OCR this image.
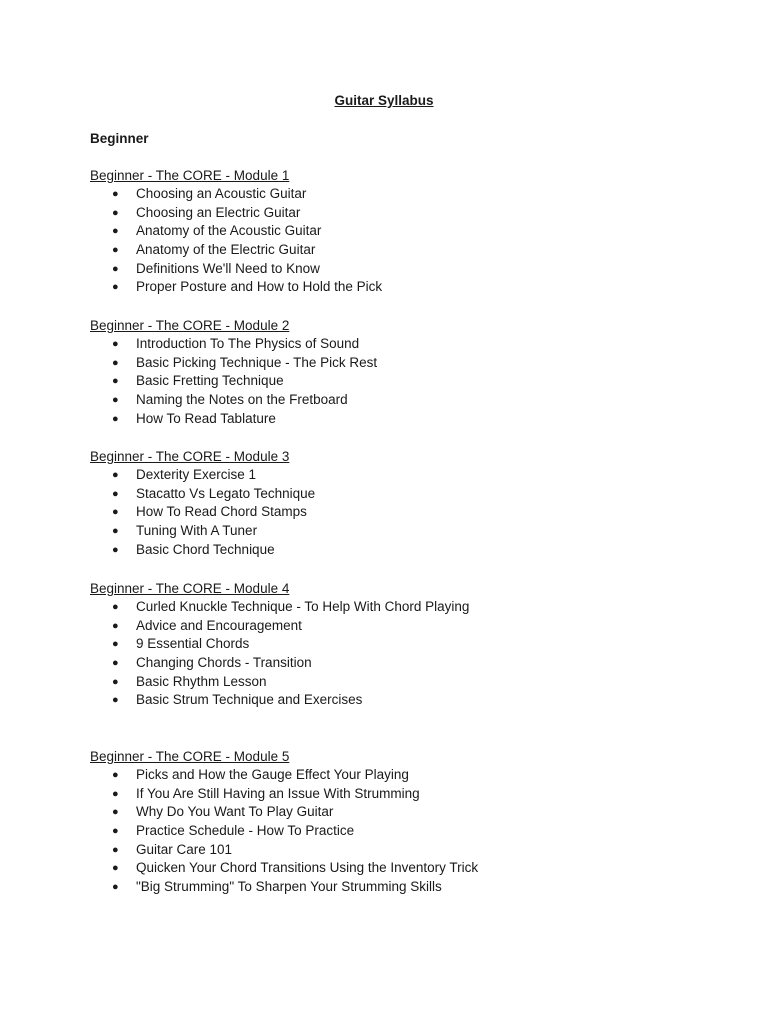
Guitar Syllabus
Beginner
Beginner - The CORE - Module 1
● Choosing an Acoustic Guitar
● Choosing an Electric Guitar
● Anatomy of the Acoustic Guitar
● Anatomy of the Electric Guitar
● Definitions We'll Need to Know
● Proper Posture and How to Hold the Pick
Beginner - The CORE - Module 2
● Introduction To The Physics of Sound
● Basic Picking Technique - The Pick Rest
● Basic Fretting Technique
● Naming the Notes on the Fretboard
● How To Read Tablature
Beginner - The CORE - Module 3
● Dexterity Exercise 1
● Stacatto Vs Legato Technique
● How To Read Chord Stamps
● Tuning With A Tuner
● Basic Chord Technique
Beginner - The CORE - Module 4
● Curled Knuckle Technique - To Help With Chord Playing
● Advice and Encouragement
● 9 Essential Chords
● Changing Chords - Transition
● Basic Rhythm Lesson
● Basic Strum Technique and Exercises
Beginner - The CORE - Module 5
● Picks and How the Gauge Effect Your Playing
● If You Are Still Having an Issue With Strumming
● Why Do You Want To Play Guitar
● Practice Schedule - How To Practice
● Guitar Care 101
● Quicken Your Chord Transitions Using the Inventory Trick
● "Big Strumming" To Sharpen Your Strumming Skills
